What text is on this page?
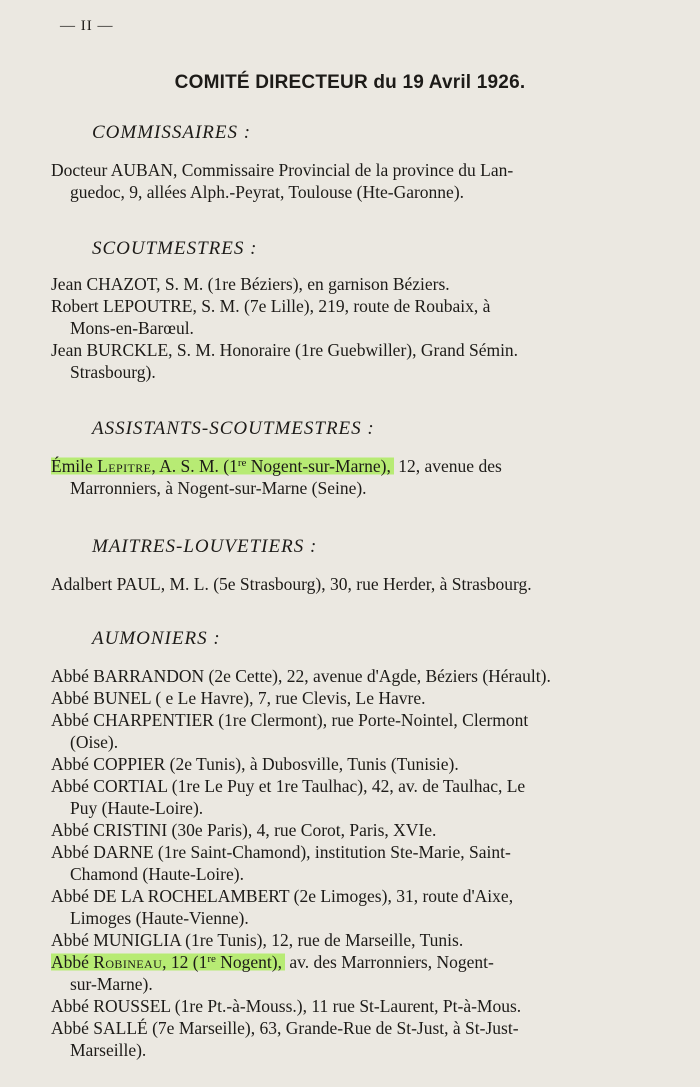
— II —
COMITÉ DIRECTEUR du 19 Avril 1926.
COMMISSAIRES :
Docteur AUBAN, Commissaire Provincial de la province du Lan-
guedoc, 9, allées Alph.-Peyrat, Toulouse (Hte-Garonne).
SCOUTMESTRES :
Jean CHAZOT, S. M. (1re Béziers), en garnison Béziers.
Robert LEPOUTRE, S. M. (7e Lille), 219, route de Roubaix, à
Mons-en-Barœul.
Jean BURCKLE, S. M. Honoraire (1re Guebwiller), Grand Sémin.
Strasbourg).
ASSISTANTS-SCOUTMESTRES :
Émile Lepitre, A. S. M. (1re Nogent-sur-Marne), 12, avenue des
Marronniers, à Nogent-sur-Marne (Seine).
MAITRES-LOUVETIERS :
Adalbert PAUL, M. L. (5e Strasbourg), 30, rue Herder, à Strasbourg.
AUMONIERS :
Abbé BARRANDON (2e Cette), 22, avenue d'Agde, Béziers (Hérault).
Abbé BUNEL ( e Le Havre), 7, rue Clevis, Le Havre.
Abbé CHARPENTIER (1re Clermont), rue Porte-Nointel, Clermont
(Oise).
Abbé COPPIER (2e Tunis), à Dubosville, Tunis (Tunisie).
Abbé CORTIAL (1re Le Puy et 1re Taulhac), 42, av. de Taulhac, Le
Puy (Haute-Loire).
Abbé CRISTINI (30e Paris), 4, rue Corot, Paris, XVIe.
Abbé DARNE (1re Saint-Chamond), institution Ste-Marie, Saint-
Chamond (Haute-Loire).
Abbé DE LA ROCHELAMBERT (2e Limoges), 31, route d'Aixe,
Limoges (Haute-Vienne).
Abbé MUNIGLIA (1re Tunis), 12, rue de Marseille, Tunis.
Abbé Robineau, 12 (1re Nogent), av. des Marronniers, Nogent-
sur-Marne).
Abbé ROUSSEL (1re Pt.-à-Mouss.), 11 rue St-Laurent, Pt-à-Mous.
Abbé SALLÉ (7e Marseille), 63, Grande-Rue de St-Just, à St-Just-
Marseille).
